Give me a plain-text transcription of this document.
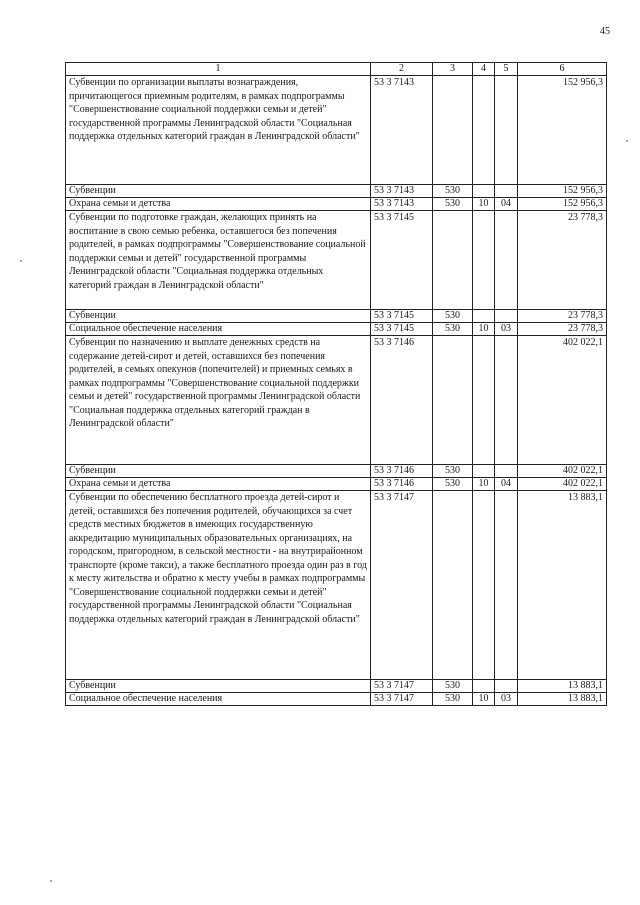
45
1	2	3	4	5	6
Субвенции по организации выплаты вознаграждения, причитающегося приемным родителям, в рамках подпрограммы "Совершенствование социальной поддержки семьи и детей" государственной программы Ленинградской области "Социальная поддержка отдельных категорий граждан в Ленинградской области"	53 3 7143				152 956,3
Субвенции	53 3 7143	530			152 956,3
Охрана семьи и детства	53 3 7143	530	10	04	152 956,3
Субвенции по подготовке граждан, желающих принять на воспитание в свою семью ребенка, оставшегося без попечения родителей, в рамках подпрограммы "Совершенствование социальной поддержки семьи и детей" государственной программы Ленинградской области "Социальная поддержка отдельных категорий граждан в Ленинградской области"	53 3 7145				23 778,3
Субвенции	53 3 7145	530			23 778,3
Социальное обеспечение населения	53 3 7145	530	10	03	23 778,3
Субвенции по назначению и выплате денежных средств на содержание детей-сирот и детей, оставшихся без попечения родителей, в семьях опекунов (попечителей) и приемных семьях в рамках подпрограммы "Совершенствование социальной поддержки семьи и детей" государственной программы Ленинградской области "Социальная поддержка отдельных категорий граждан в Ленинградской области"	53 3 7146				402 022,1
Субвенции	53 3 7146	530			402 022,1
Охрана семьи и детства	53 3 7146	530	10	04	402 022,1
Субвенции по обеспечению бесплатного проезда детей-сирот и детей, оставшихся без попечения родителей, обучающихся за счет средств местных бюджетов в имеющих государственную аккредитацию муниципальных образовательных организациях, на городском, пригородном, в сельской местности - на внутрирайонном транспорте (кроме такси), а также бесплатного проезда один раз в год к месту жительства и обратно к месту учебы в рамках подпрограммы "Совершенствование социальной поддержки семьи и детей" государственной программы Ленинградской области "Социальная поддержка отдельных категорий граждан в Ленинградской области"	53 3 7147				13 883,1
Субвенции	53 3 7147	530			13 883,1
Социальное обеспечение населения	53 3 7147	530	10	03	13 883,1
